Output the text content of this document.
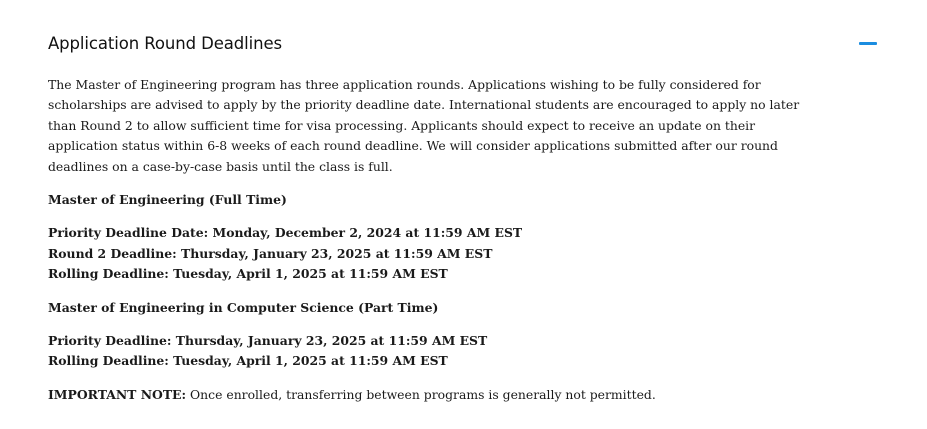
Application Round Deadlines

The Master of Engineering program has three application rounds. Applications wishing to be fully considered for scholarships are advised to apply by the priority deadline date. International students are encouraged to apply no later than Round 2 to allow sufficient time for visa processing. Applicants should expect to receive an update on their application status within 6-8 weeks of each round deadline. We will consider applications submitted after our round deadlines on a case-by-case basis until the class is full.

Master of Engineering (Full Time)

Priority Deadline Date: Monday, December 2, 2024 at 11:59 AM EST
Round 2 Deadline: Thursday, January 23, 2025 at 11:59 AM EST
Rolling Deadline: Tuesday, April 1, 2025 at 11:59 AM EST

Master of Engineering in Computer Science (Part Time)

Priority Deadline: Thursday, January 23, 2025 at 11:59 AM EST
Rolling Deadline: Tuesday, April 1, 2025 at 11:59 AM EST

IMPORTANT NOTE: Once enrolled, transferring between programs is generally not permitted.
